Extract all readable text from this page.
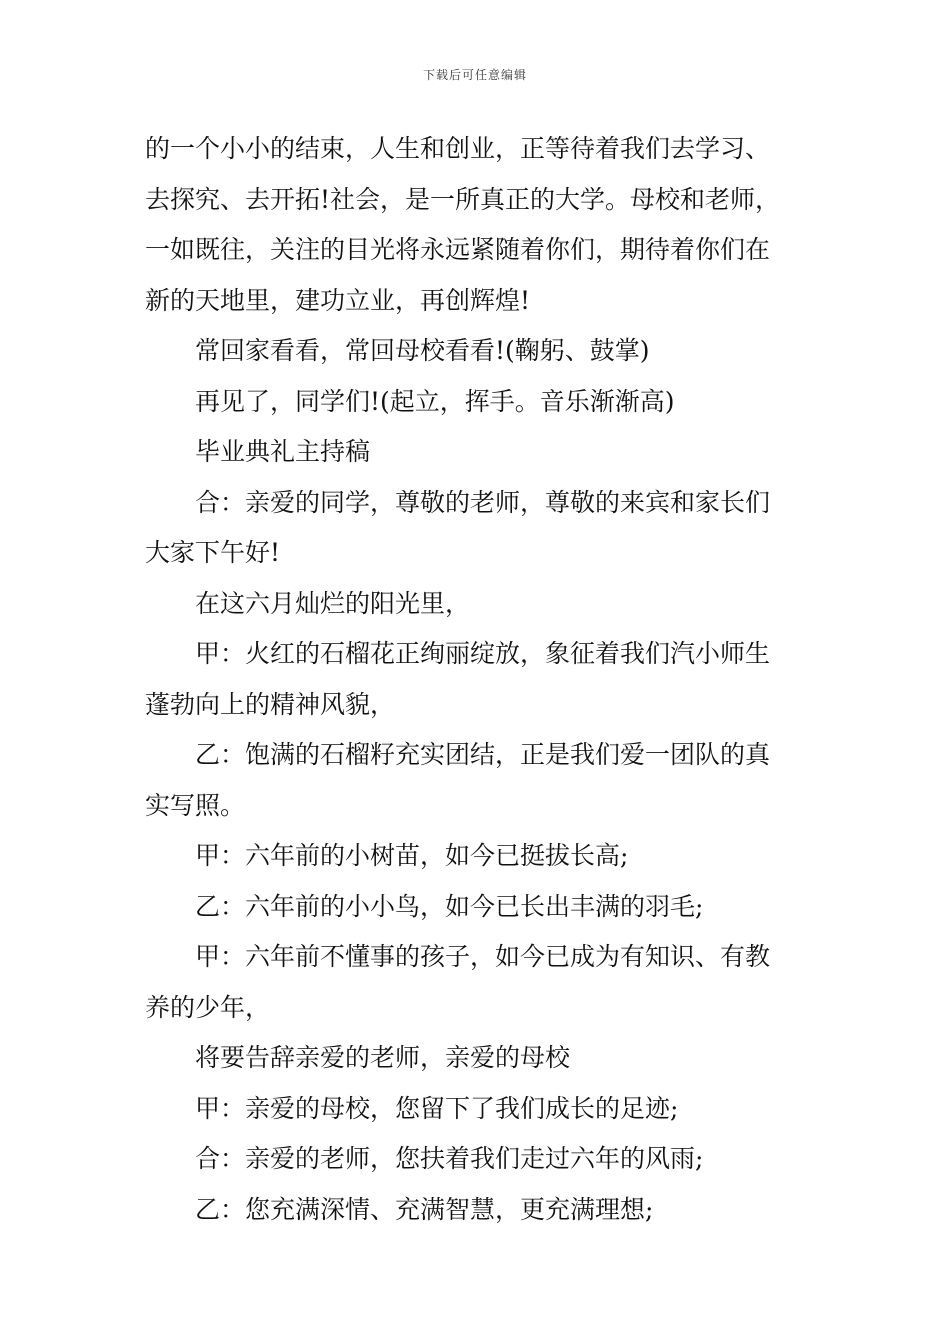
下载后可任意编辑
的一个小小的结束，人生和创业，正等待着我们去学习、
去探究、去开拓!社会，是一所真正的大学。母校和老师，
一如既往，关注的目光将永远紧随着你们，期待着你们在
新的天地里，建功立业，再创辉煌!
常回家看看，常回母校看看!(鞠躬、鼓掌)
再见了，同学们!(起立，挥手。音乐渐渐高)
毕业典礼主持稿
合：亲爱的同学，尊敬的老师，尊敬的来宾和家长们
大家下午好!
在这六月灿烂的阳光里，
甲：火红的石榴花正绚丽绽放，象征着我们汽小师生
蓬勃向上的精神风貌，
乙：饱满的石榴籽充实团结，正是我们爱一团队的真
实写照。
甲：六年前的小树苗，如今已挺拔长高;
乙：六年前的小小鸟，如今已长出丰满的羽毛;
甲：六年前不懂事的孩子，如今已成为有知识、有教
养的少年，
将要告辞亲爱的老师，亲爱的母校
甲：亲爱的母校，您留下了我们成长的足迹;
合：亲爱的老师，您扶着我们走过六年的风雨;
乙：您充满深情、充满智慧，更充满理想;
